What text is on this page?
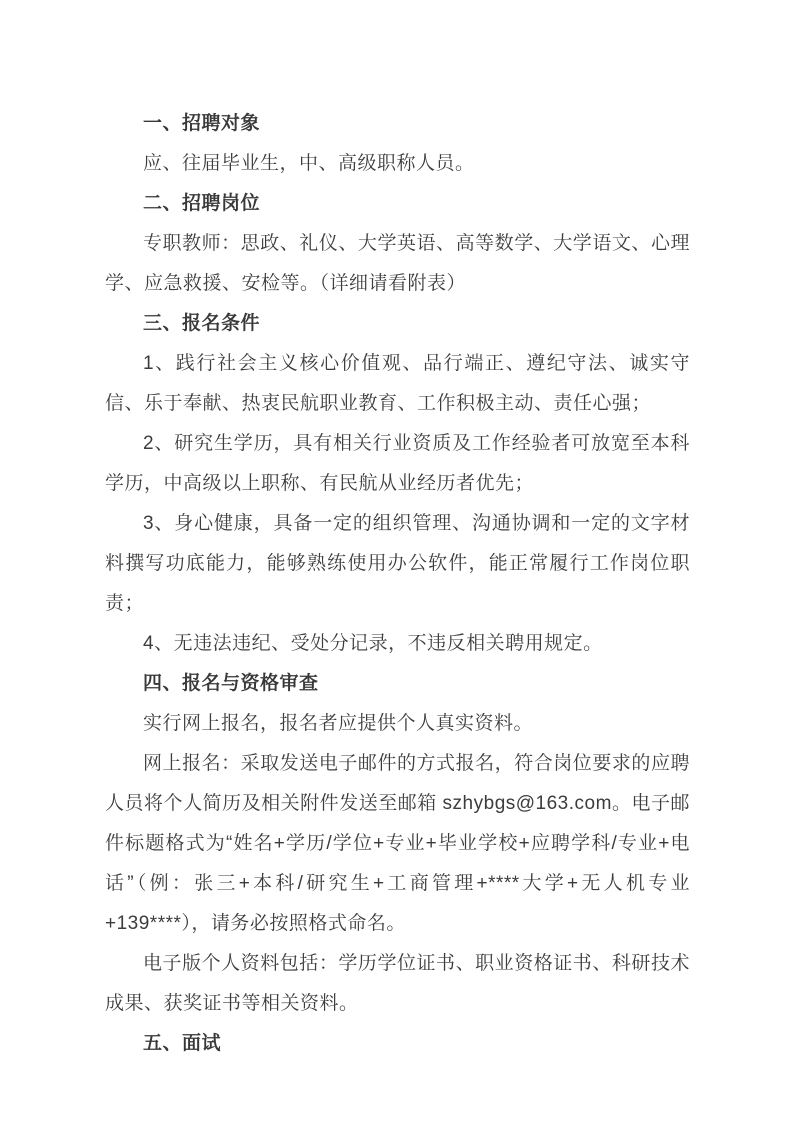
一、招聘对象
应、往届毕业生，中、高级职称人员。
二、招聘岗位
专职教师：思政、礼仪、大学英语、高等数学、大学语文、心理学、应急救援、安检等。（详细请看附表）
三、报名条件
1、践行社会主义核心价值观、品行端正、遵纪守法、诚实守信、乐于奉献、热衷民航职业教育、工作积极主动、责任心强；
2、研究生学历，具有相关行业资质及工作经验者可放宽至本科学历，中高级以上职称、有民航从业经历者优先；
3、身心健康，具备一定的组织管理、沟通协调和一定的文字材料撰写功底能力，能够熟练使用办公软件，能正常履行工作岗位职责；
4、无违法违纪、受处分记录，不违反相关聘用规定。
四、报名与资格审查
实行网上报名，报名者应提供个人真实资料。
网上报名：采取发送电子邮件的方式报名，符合岗位要求的应聘人员将个人简历及相关附件发送至邮箱 szhybgs@163.com。电子邮件标题格式为“姓名+学历/学位+专业+毕业学校+应聘学科/专业+电话”（例：张三+本科/研究生+工商管理+****大学+无人机专业+139****），请务必按照格式命名。
电子版个人资料包括：学历学位证书、职业资格证书、科研技术成果、获奖证书等相关资料。
五、面试
